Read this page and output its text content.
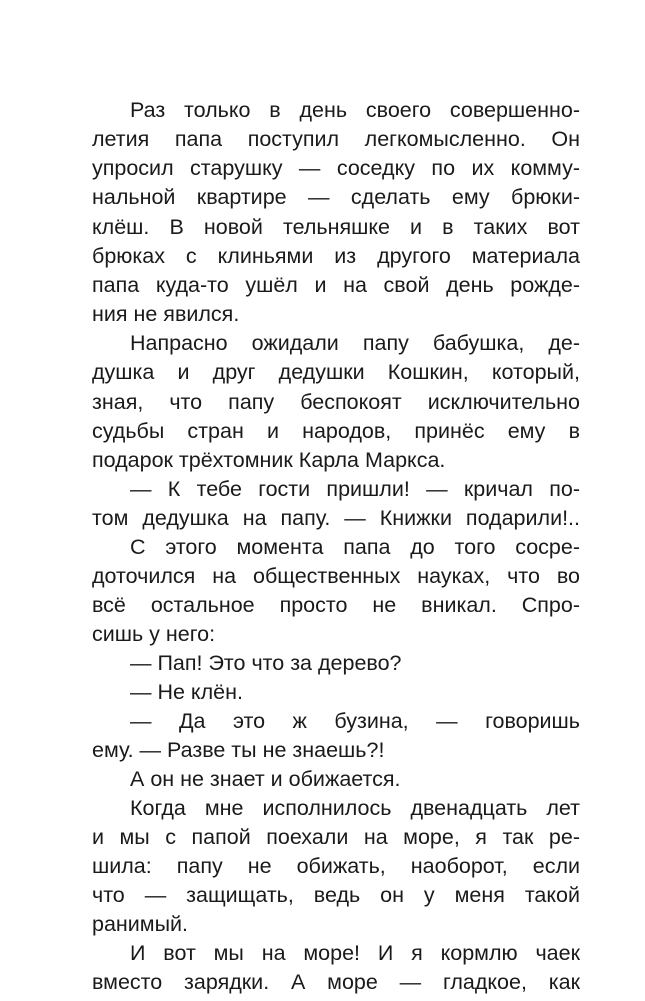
Раз только в день своего совершенно-
летия папа поступил легкомысленно. Он
упросил старушку — соседку по их комму-
нальной квартире — сделать ему брюки-
клёш. В новой тельняшке и в таких вот
брюках с клиньями из другого материала
папа куда-то ушёл и на свой день рожде-
ния не явился.
Напрасно ожидали папу бабушка, де-
душка и друг дедушки Кошкин, который,
зная, что папу беспокоят исключительно
судьбы стран и народов, принёс ему в
подарок трёхтомник Карла Маркса.
— К тебе гости пришли! — кричал по-
том дедушка на папу. — Книжки подарили!..
С этого момента папа до того сосре-
доточился на общественных науках, что во
всё остальное просто не вникал. Спро-
сишь у него:
— Пап! Это что за дерево?
— Не клён.
— Да это ж бузина, — говоришь
ему. — Разве ты не знаешь?!
А он не знает и обижается.
Когда мне исполнилось двенадцать лет
и мы с папой поехали на море, я так ре-
шила: папу не обижать, наоборот, если
что — защищать, ведь он у меня такой
ранимый.
И вот мы на море! И я кормлю чаек
вместо зарядки. А море — гладкое, как
